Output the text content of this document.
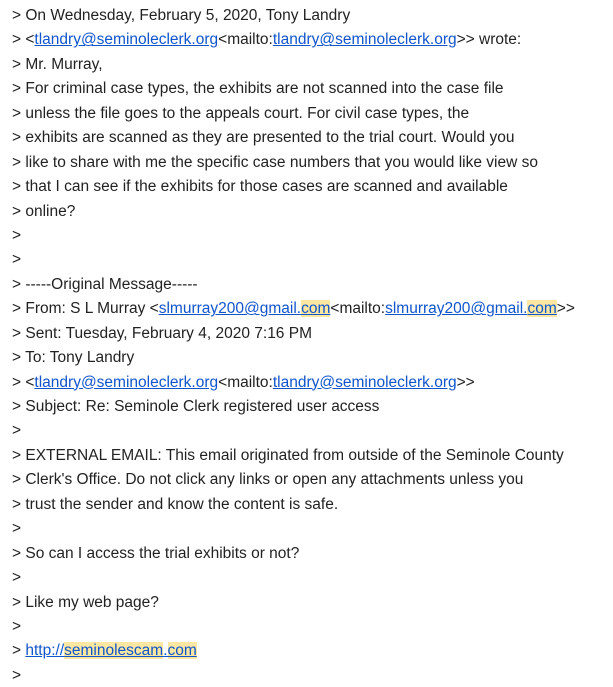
> On Wednesday, February 5, 2020, Tony Landry
> <tlandry@seminoleclerk.org<mailto:tlandry@seminoleclerk.org>> wrote:
> Mr. Murray,
> For criminal case types, the exhibits are not scanned into the case file
> unless the file goes to the appeals court. For civil case types, the
> exhibits are scanned as they are presented to the trial court. Would you
> like to share with me the specific case numbers that you would like view so
> that I can see if the exhibits for those cases are scanned and available
> online?
>
>
> -----Original Message-----
> From: S L Murray <slmurray200@gmail.com<mailto:slmurray200@gmail.com>>
> Sent: Tuesday, February 4, 2020 7:16 PM
> To: Tony Landry
> <tlandry@seminoleclerk.org<mailto:tlandry@seminoleclerk.org>>
> Subject: Re: Seminole Clerk registered user access
>
> EXTERNAL EMAIL: This email originated from outside of the Seminole County
> Clerk's Office. Do not click any links or open any attachments unless you
> trust the sender and know the content is safe.
>
> So can I access the trial exhibits or not?
>
> Like my web page?
>
> http://seminolescam.com
>
